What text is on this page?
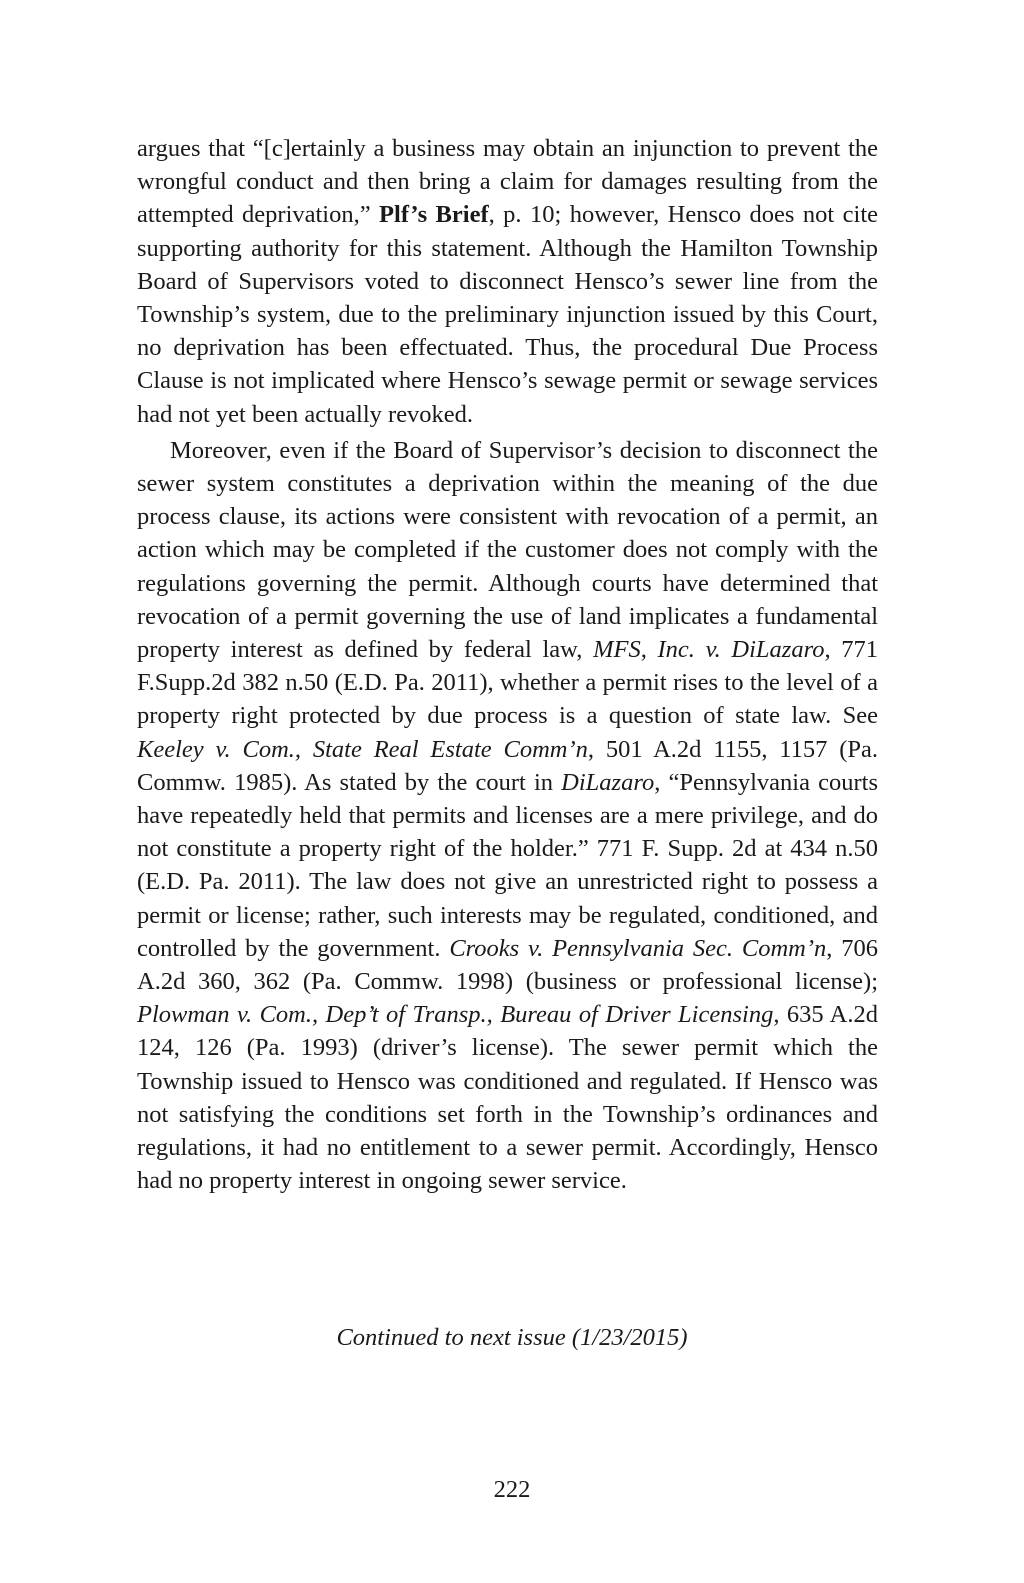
argues that “[c]ertainly a business may obtain an injunction to prevent the wrongful conduct and then bring a claim for damages resulting from the attempted deprivation,” Plf’s Brief, p. 10; however, Hensco does not cite supporting authority for this statement. Although the Hamilton Township Board of Supervisors voted to disconnect Hensco’s sewer line from the Township’s system, due to the preliminary injunction issued by this Court, no deprivation has been effectuated. Thus, the procedural Due Process Clause is not implicated where Hensco’s sewage permit or sewage services had not yet been actually revoked.

Moreover, even if the Board of Supervisor’s decision to disconnect the sewer system constitutes a deprivation within the meaning of the due process clause, its actions were consistent with revocation of a permit, an action which may be completed if the customer does not comply with the regulations governing the permit. Although courts have determined that revocation of a permit governing the use of land implicates a fundamental property interest as defined by federal law, MFS, Inc. v. DiLazaro, 771 F.Supp.2d 382 n.50 (E.D. Pa. 2011), whether a permit rises to the level of a property right protected by due process is a question of state law. See Keeley v. Com., State Real Estate Comm’n, 501 A.2d 1155, 1157 (Pa. Commw. 1985). As stated by the court in DiLazaro, “Pennsylvania courts have repeatedly held that permits and licenses are a mere privilege, and do not constitute a property right of the holder.” 771 F. Supp. 2d at 434 n.50 (E.D. Pa. 2011). The law does not give an unrestricted right to possess a permit or license; rather, such interests may be regulated, conditioned, and controlled by the government. Crooks v. Pennsylvania Sec. Comm’n, 706 A.2d 360, 362 (Pa. Commw. 1998) (business or professional license); Plowman v. Com., Dep’t of Transp., Bureau of Driver Licensing, 635 A.2d 124, 126 (Pa. 1993) (driver’s license). The sewer permit which the Township issued to Hensco was conditioned and regulated. If Hensco was not satisfying the conditions set forth in the Township’s ordinances and regulations, it had no entitlement to a sewer permit. Accordingly, Hensco had no property interest in ongoing sewer service.

Continued to next issue (1/23/2015)
222
